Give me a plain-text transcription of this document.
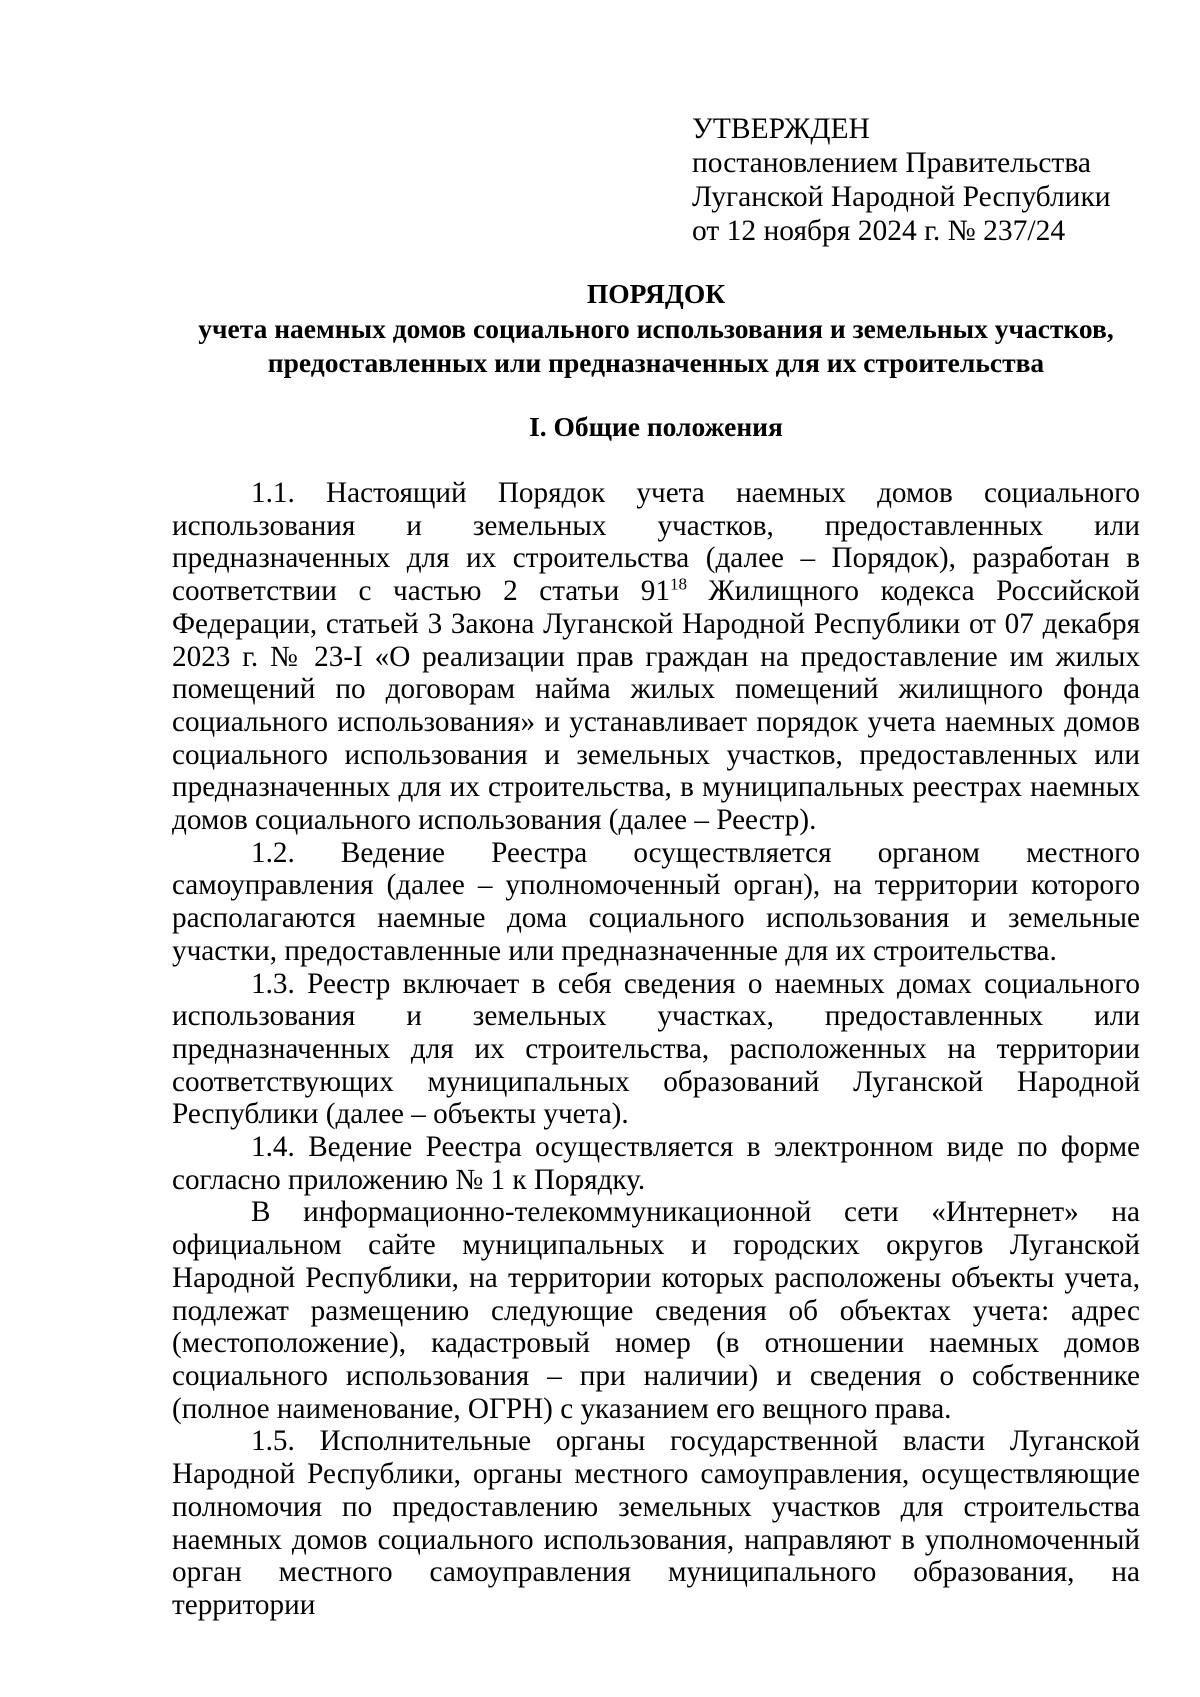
УТВЕРЖДЕН
постановлением Правительства
Луганской Народной Республики
от 12 ноября 2024 г. № 237/24
ПОРЯДОК
учета наемных домов социального использования и земельных участков,
предоставленных или предназначенных для их строительства
I. Общие положения

1.1. Настоящий Порядок учета наемных домов социального использования и земельных участков, предоставленных или предназначенных для их строительства (далее – Порядок), разработан в соответствии с частью 2 статьи $91^{18}$ Жилищного кодекса Российской Федерации, статьей 3 Закона Луганской Народной Республики от 07 декабря 2023 г. № 23-I «О реализации прав граждан на предоставление им жилых помещений по договорам найма жилых помещений жилищного фонда социального использования» и устанавливает порядок учета наемных домов социального использования и земельных участков, предоставленных или предназначенных для их строительства, в муниципальных реестрах наемных домов социального использования (далее – Реестр).

1.2. Ведение Реестра осуществляется органом местного самоуправления (далее – уполномоченный орган), на территории которого располагаются наемные дома социального использования и земельные участки, предоставленные или предназначенные для их строительства.

1.3. Реестр включает в себя сведения о наемных домах социального использования и земельных участках, предоставленных или предназначенных для их строительства, расположенных на территории соответствующих муниципальных образований Луганской Народной Республики (далее – объекты учета).

1.4. Ведение Реестра осуществляется в электронном виде по форме согласно приложению № 1 к Порядку.

В информационно-телекоммуникационной сети «Интернет» на официальном сайте муниципальных и городских округов Луганской Народной Республики, на территории которых расположены объекты учета, подлежат размещению следующие сведения об объектах учета: адрес (местоположение), кадастровый номер (в отношении наемных домов социального использования – при наличии) и сведения о собственнике (полное наименование, ОГРН) с указанием его вещного права.

1.5. Исполнительные органы государственной власти Луганской Народной Республики, органы местного самоуправления, осуществляющие полномочия по предоставлению земельных участков для строительства наемных домов социального использования, направляют в уполномоченный орган местного самоуправления муниципального образования, на территории
